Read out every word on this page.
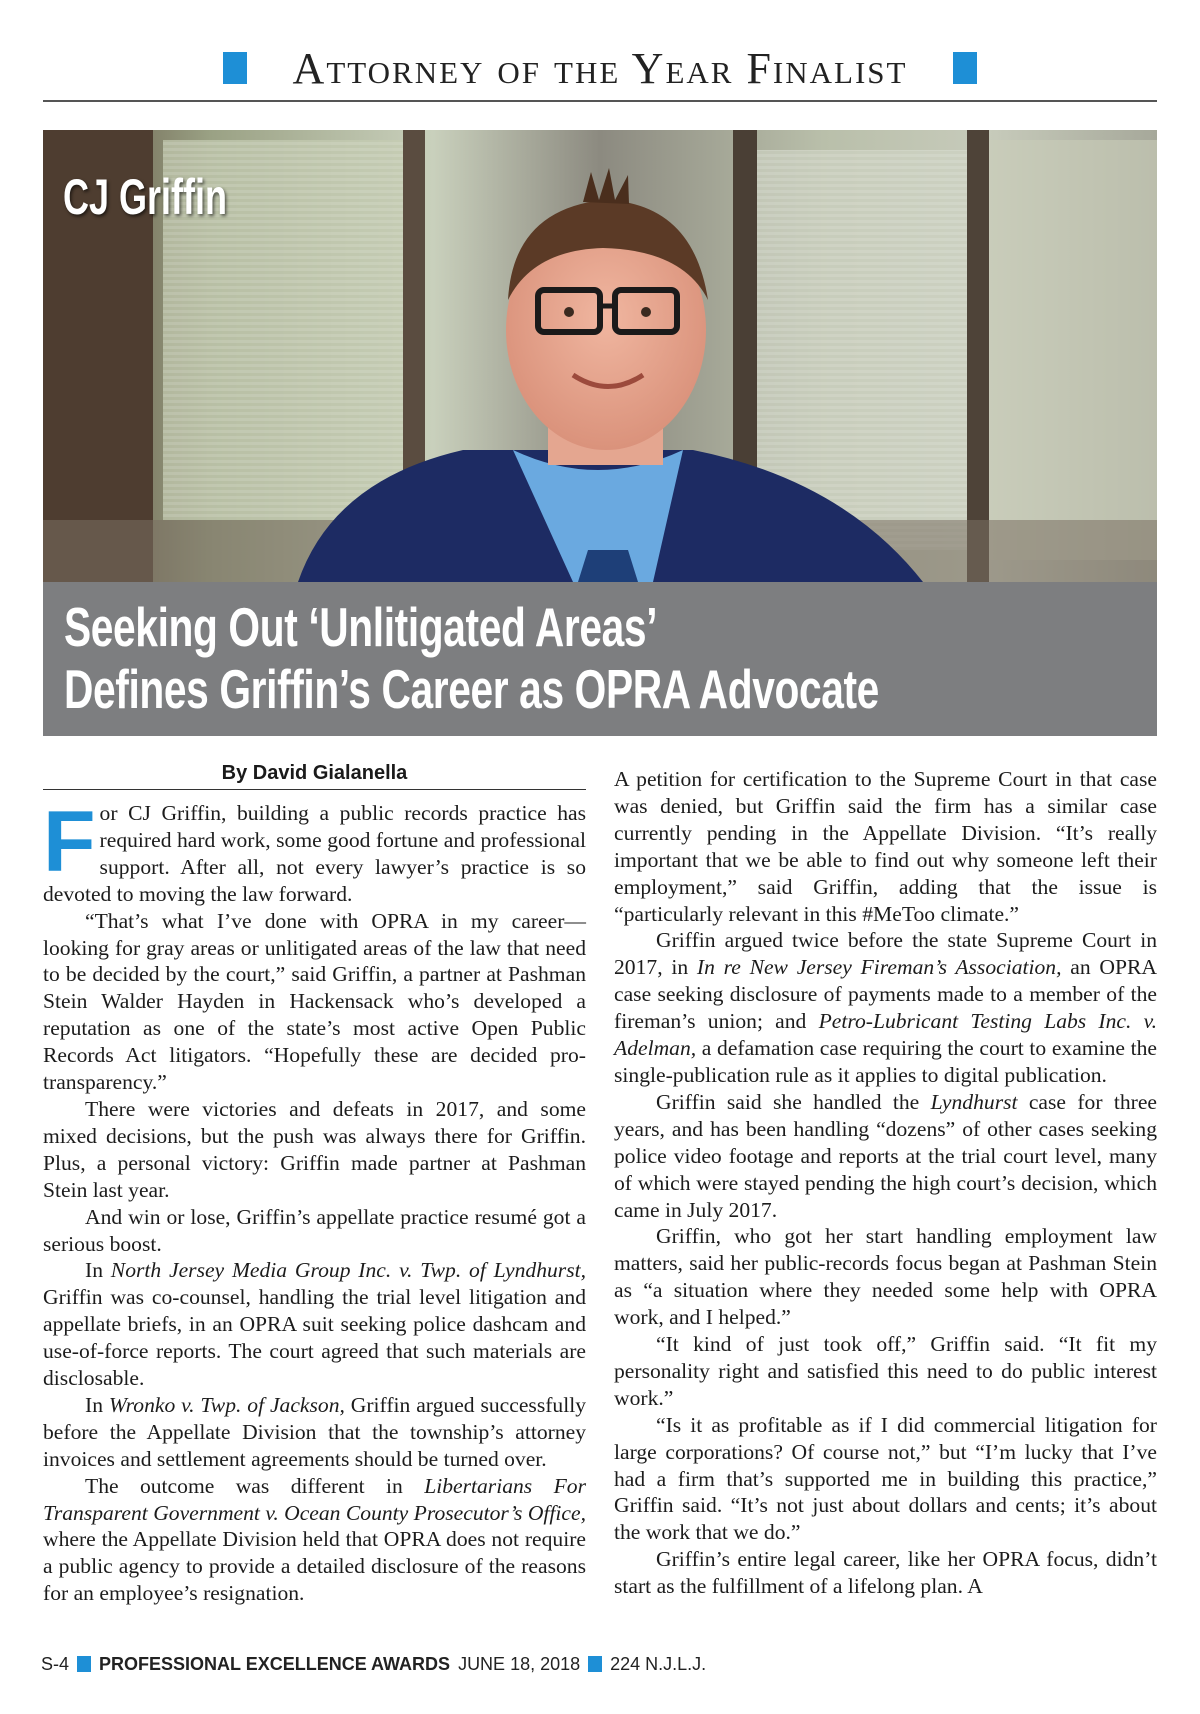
Attorney of the Year Finalist
CJ Griffin
Seeking Out ‘Unlitigated Areas’
Defines Griffin’s Career as OPRA Advocate
By David Gialanella

For CJ Griffin, building a public records practice has required hard work, some good fortune and professional support. After all, not every lawyer’s practice is so devoted to moving the law forward.

“That’s what I’ve done with OPRA in my career—looking for gray areas or unlitigated areas of the law that need to be decided by the court,” said Griffin, a partner at Pashman Stein Walder Hayden in Hackensack who’s developed a reputation as one of the state’s most active Open Public Records Act litigators. “Hopefully these are decided pro-transparency.”

There were victories and defeats in 2017, and some mixed decisions, but the push was always there for Griffin. Plus, a personal victory: Griffin made partner at Pashman Stein last year.

And win or lose, Griffin’s appellate practice resumé got a serious boost.

In North Jersey Media Group Inc. v. Twp. of Lyndhurst, Griffin was co-counsel, handling the trial level litigation and appellate briefs, in an OPRA suit seeking police dashcam and use-of-force reports. The court agreed that such materials are disclosable.

In Wronko v. Twp. of Jackson, Griffin argued successfully before the Appellate Division that the township’s attorney invoices and settlement agreements should be turned over.

The outcome was different in Libertarians For Transparent Government v. Ocean County Prosecutor’s Office, where the Appellate Division held that OPRA does not require a public agency to provide a detailed disclosure of the reasons for an employee’s resignation.

A petition for certification to the Supreme Court in that case was denied, but Griffin said the firm has a similar case currently pending in the Appellate Division. “It’s really important that we be able to find out why someone left their employment,” said Griffin, adding that the issue is “particularly relevant in this #MeToo climate.”

Griffin argued twice before the state Supreme Court in 2017, in In re New Jersey Fireman’s Association, an OPRA case seeking disclosure of payments made to a member of the fireman’s union; and Petro-Lubricant Testing Labs Inc. v. Adelman, a defamation case requiring the court to examine the single-publication rule as it applies to digital publication.

Griffin said she handled the Lyndhurst case for three years, and has been handling “dozens” of other cases seeking police video footage and reports at the trial court level, many of which were stayed pending the high court’s decision, which came in July 2017.

Griffin, who got her start handling employment law matters, said her public-records focus began at Pashman Stein as “a situation where they needed some help with OPRA work, and I helped.”

“It kind of just took off,” Griffin said. “It fit my personality right and satisfied this need to do public interest work.”

“Is it as profitable as if I did commercial litigation for large corporations? Of course not,” but “I’m lucky that I’ve had a firm that’s supported me in building this practice,” Griffin said. “It’s not just about dollars and cents; it’s about the work that we do.”

Griffin’s entire legal career, like her OPRA focus, didn’t start as the fulfillment of a lifelong plan. A

S-4 PROFESSIONAL EXCELLENCE AWARDS JUNE 18, 2018 224 N.J.L.J.
